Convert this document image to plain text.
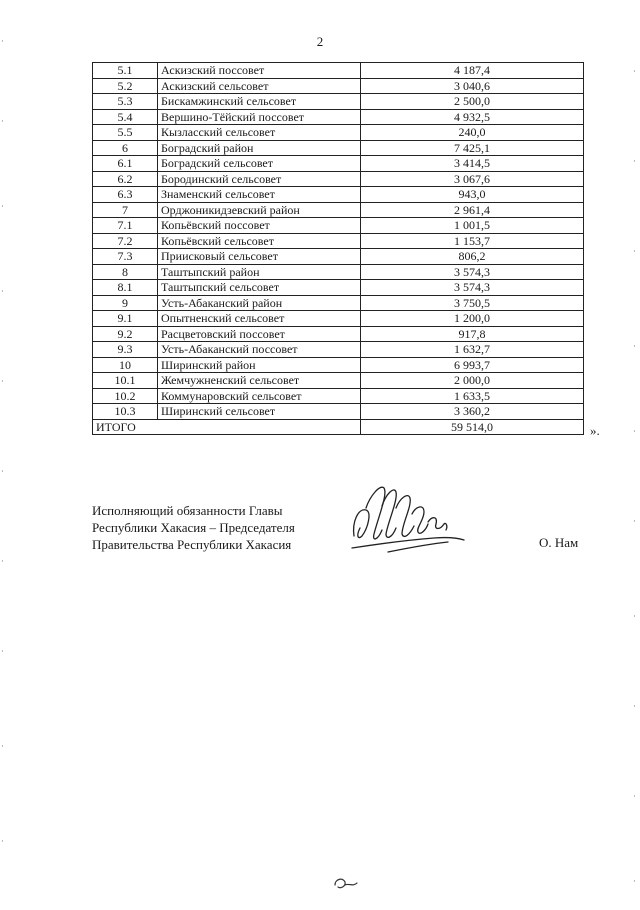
2
5.1	Аскизский поссовет	4 187,4
5.2	Аскизский сельсовет	3 040,6
5.3	Бискамжинский сельсовет	2 500,0
5.4	Вершино-Тёйский поссовет	4 932,5
5.5	Кызласский сельсовет	240,0
6	Боградский район	7 425,1
6.1	Боградский сельсовет	3 414,5
6.2	Бородинский сельсовет	3 067,6
6.3	Знаменский сельсовет	943,0
7	Орджоникидзевский район	2 961,4
7.1	Копьёвский поссовет	1 001,5
7.2	Копьёвский сельсовет	1 153,7
7.3	Приисковый сельсовет	806,2
8	Таштыпский район	3 574,3
8.1	Таштыпский сельсовет	3 574,3
9	Усть-Абаканский район	3 750,5
9.1	Опытненский сельсовет	1 200,0
9.2	Расцветовский поссовет	917,8
9.3	Усть-Абаканский поссовет	1 632,7
10	Ширинский район	6 993,7
10.1	Жемчужненский сельсовет	2 000,0
10.2	Коммунаровский сельсовет	1 633,5
10.3	Ширинский сельсовет	3 360,2
ИТОГО		59 514,0	».
Исполняющий обязанности Главы
Республики Хакасия – Председателя
Правительства Республики Хакасия	О. Нам
